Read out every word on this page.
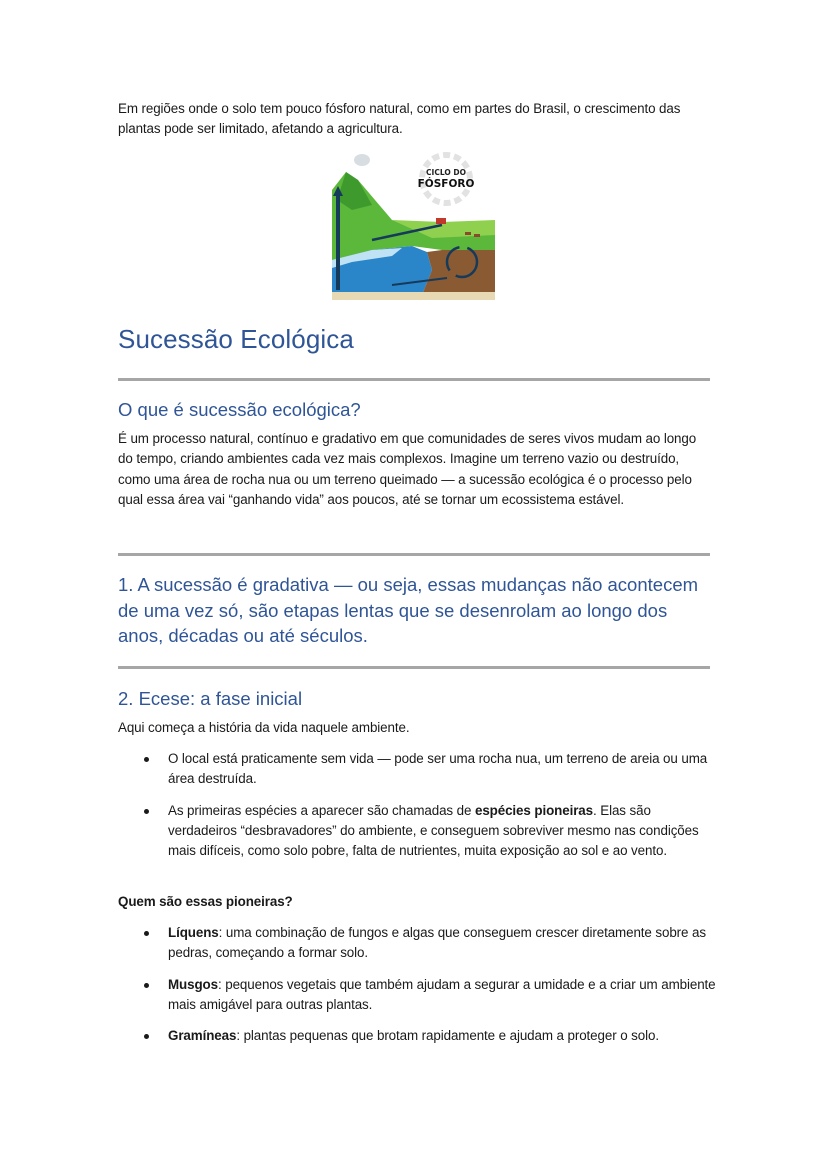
Em regiões onde o solo tem pouco fósforo natural, como em partes do Brasil, o crescimento das plantas pode ser limitado, afetando a agricultura.

CICLO DO
FÓSFORO
Sucessão Ecológica
O que é sucessão ecológica?

É um processo natural, contínuo e gradativo em que comunidades de seres vivos mudam ao longo do tempo, criando ambientes cada vez mais complexos. Imagine um terreno vazio ou destruído, como uma área de rocha nua ou um terreno queimado — a sucessão ecológica é o processo pelo qual essa área vai “ganhando vida” aos poucos, até se tornar um ecossistema estável.

1. A sucessão é gradativa — ou seja, essas mudanças não acontecem de uma vez só, são etapas lentas que se desenrolam ao longo dos anos, décadas ou até séculos.
2. Ecese: a fase inicial

Aqui começa a história da vida naquele ambiente.

O local está praticamente sem vida — pode ser uma rocha nua, um terreno de areia ou uma área destruída.
As primeiras espécies a aparecer são chamadas de espécies pioneiras. Elas são verdadeiros “desbravadores” do ambiente, e conseguem sobreviver mesmo nas condições mais difíceis, como solo pobre, falta de nutrientes, muita exposição ao sol e ao vento.

Quem são essas pioneiras?

Líquens: uma combinação de fungos e algas que conseguem crescer diretamente sobre as pedras, começando a formar solo.
Musgos: pequenos vegetais que também ajudam a segurar a umidade e a criar um ambiente mais amigável para outras plantas.
Gramíneas: plantas pequenas que brotam rapidamente e ajudam a proteger o solo.
